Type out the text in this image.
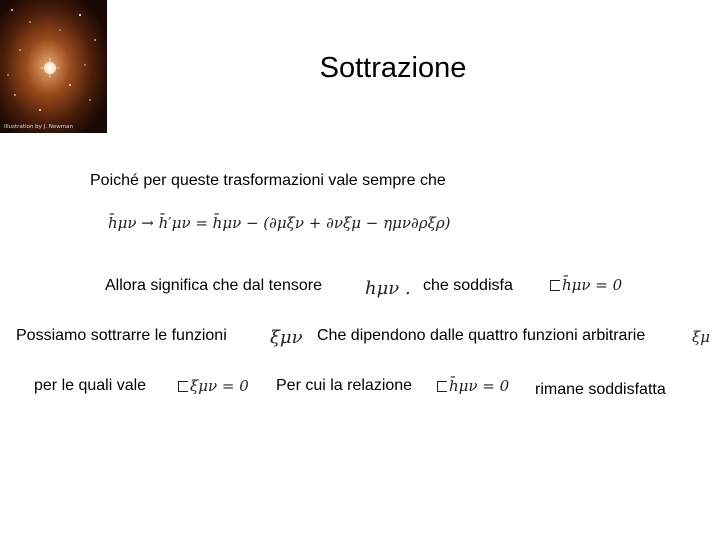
Illustration by J. Newman
Sottrazione
Poiché per queste trasformazioni vale sempre che
h̄μν → h̄′μν = h̄μν − (∂μξν + ∂νξμ − ημν∂ρξρ)
Allora significa che dal tensore hμν . che soddisfa	h̄μν = 0
Possiamo sottrarre le funzioni ξμν Che dipendono dalle quattro funzioni arbitrarie	ξμ
per le quali vale	ξμν = 0 Per cui la relazione	h̄μν = 0 rimane soddisfatta
